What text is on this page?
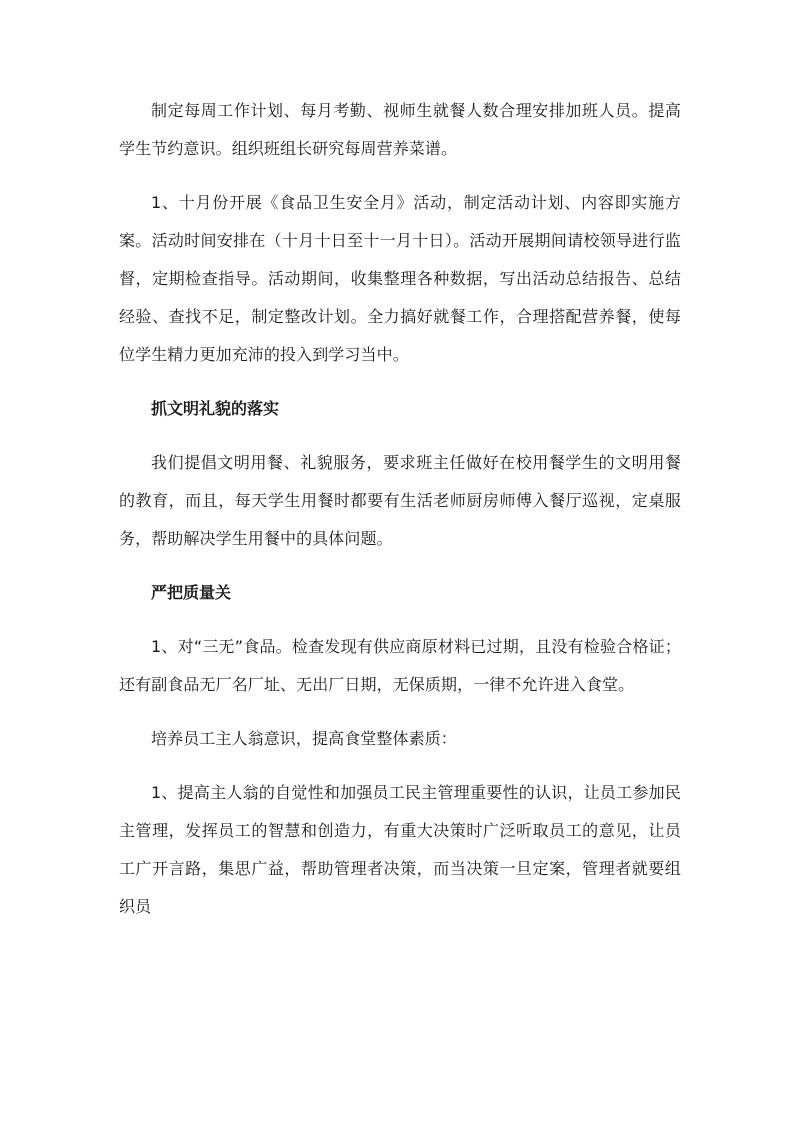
制定每周工作计划、每月考勤、视师生就餐人数合理安排加班人员。提高学生节约意识。组织班组长研究每周营养菜谱。

1、十月份开展《食品卫生安全月》活动，制定活动计划、内容即实施方案。活动时间安排在（十月十日至十一月十日）。活动开展期间请校领导进行监督，定期检查指导。活动期间，收集整理各种数据，写出活动总结报告、总结经验、查找不足，制定整改计划。全力搞好就餐工作，合理搭配营养餐，使每位学生精力更加充沛的投入到学习当中。

抓文明礼貌的落实

我们提倡文明用餐、礼貌服务，要求班主任做好在校用餐学生的文明用餐的教育，而且，每天学生用餐时都要有生活老师厨房师傅入餐厅巡视，定桌服务，帮助解决学生用餐中的具体问题。

严把质量关

1、对“三无”食品。检查发现有供应商原材料已过期，且没有检验合格证；还有副食品无厂名厂址、无出厂日期，无保质期，一律不允许进入食堂。

培养员工主人翁意识，提高食堂整体素质：

1、提高主人翁的自觉性和加强员工民主管理重要性的认识，让员工参加民主管理，发挥员工的智慧和创造力，有重大决策时广泛听取员工的意见，让员工广开言路，集思广益，帮助管理者决策，而当决策一旦定案，管理者就要组织员
